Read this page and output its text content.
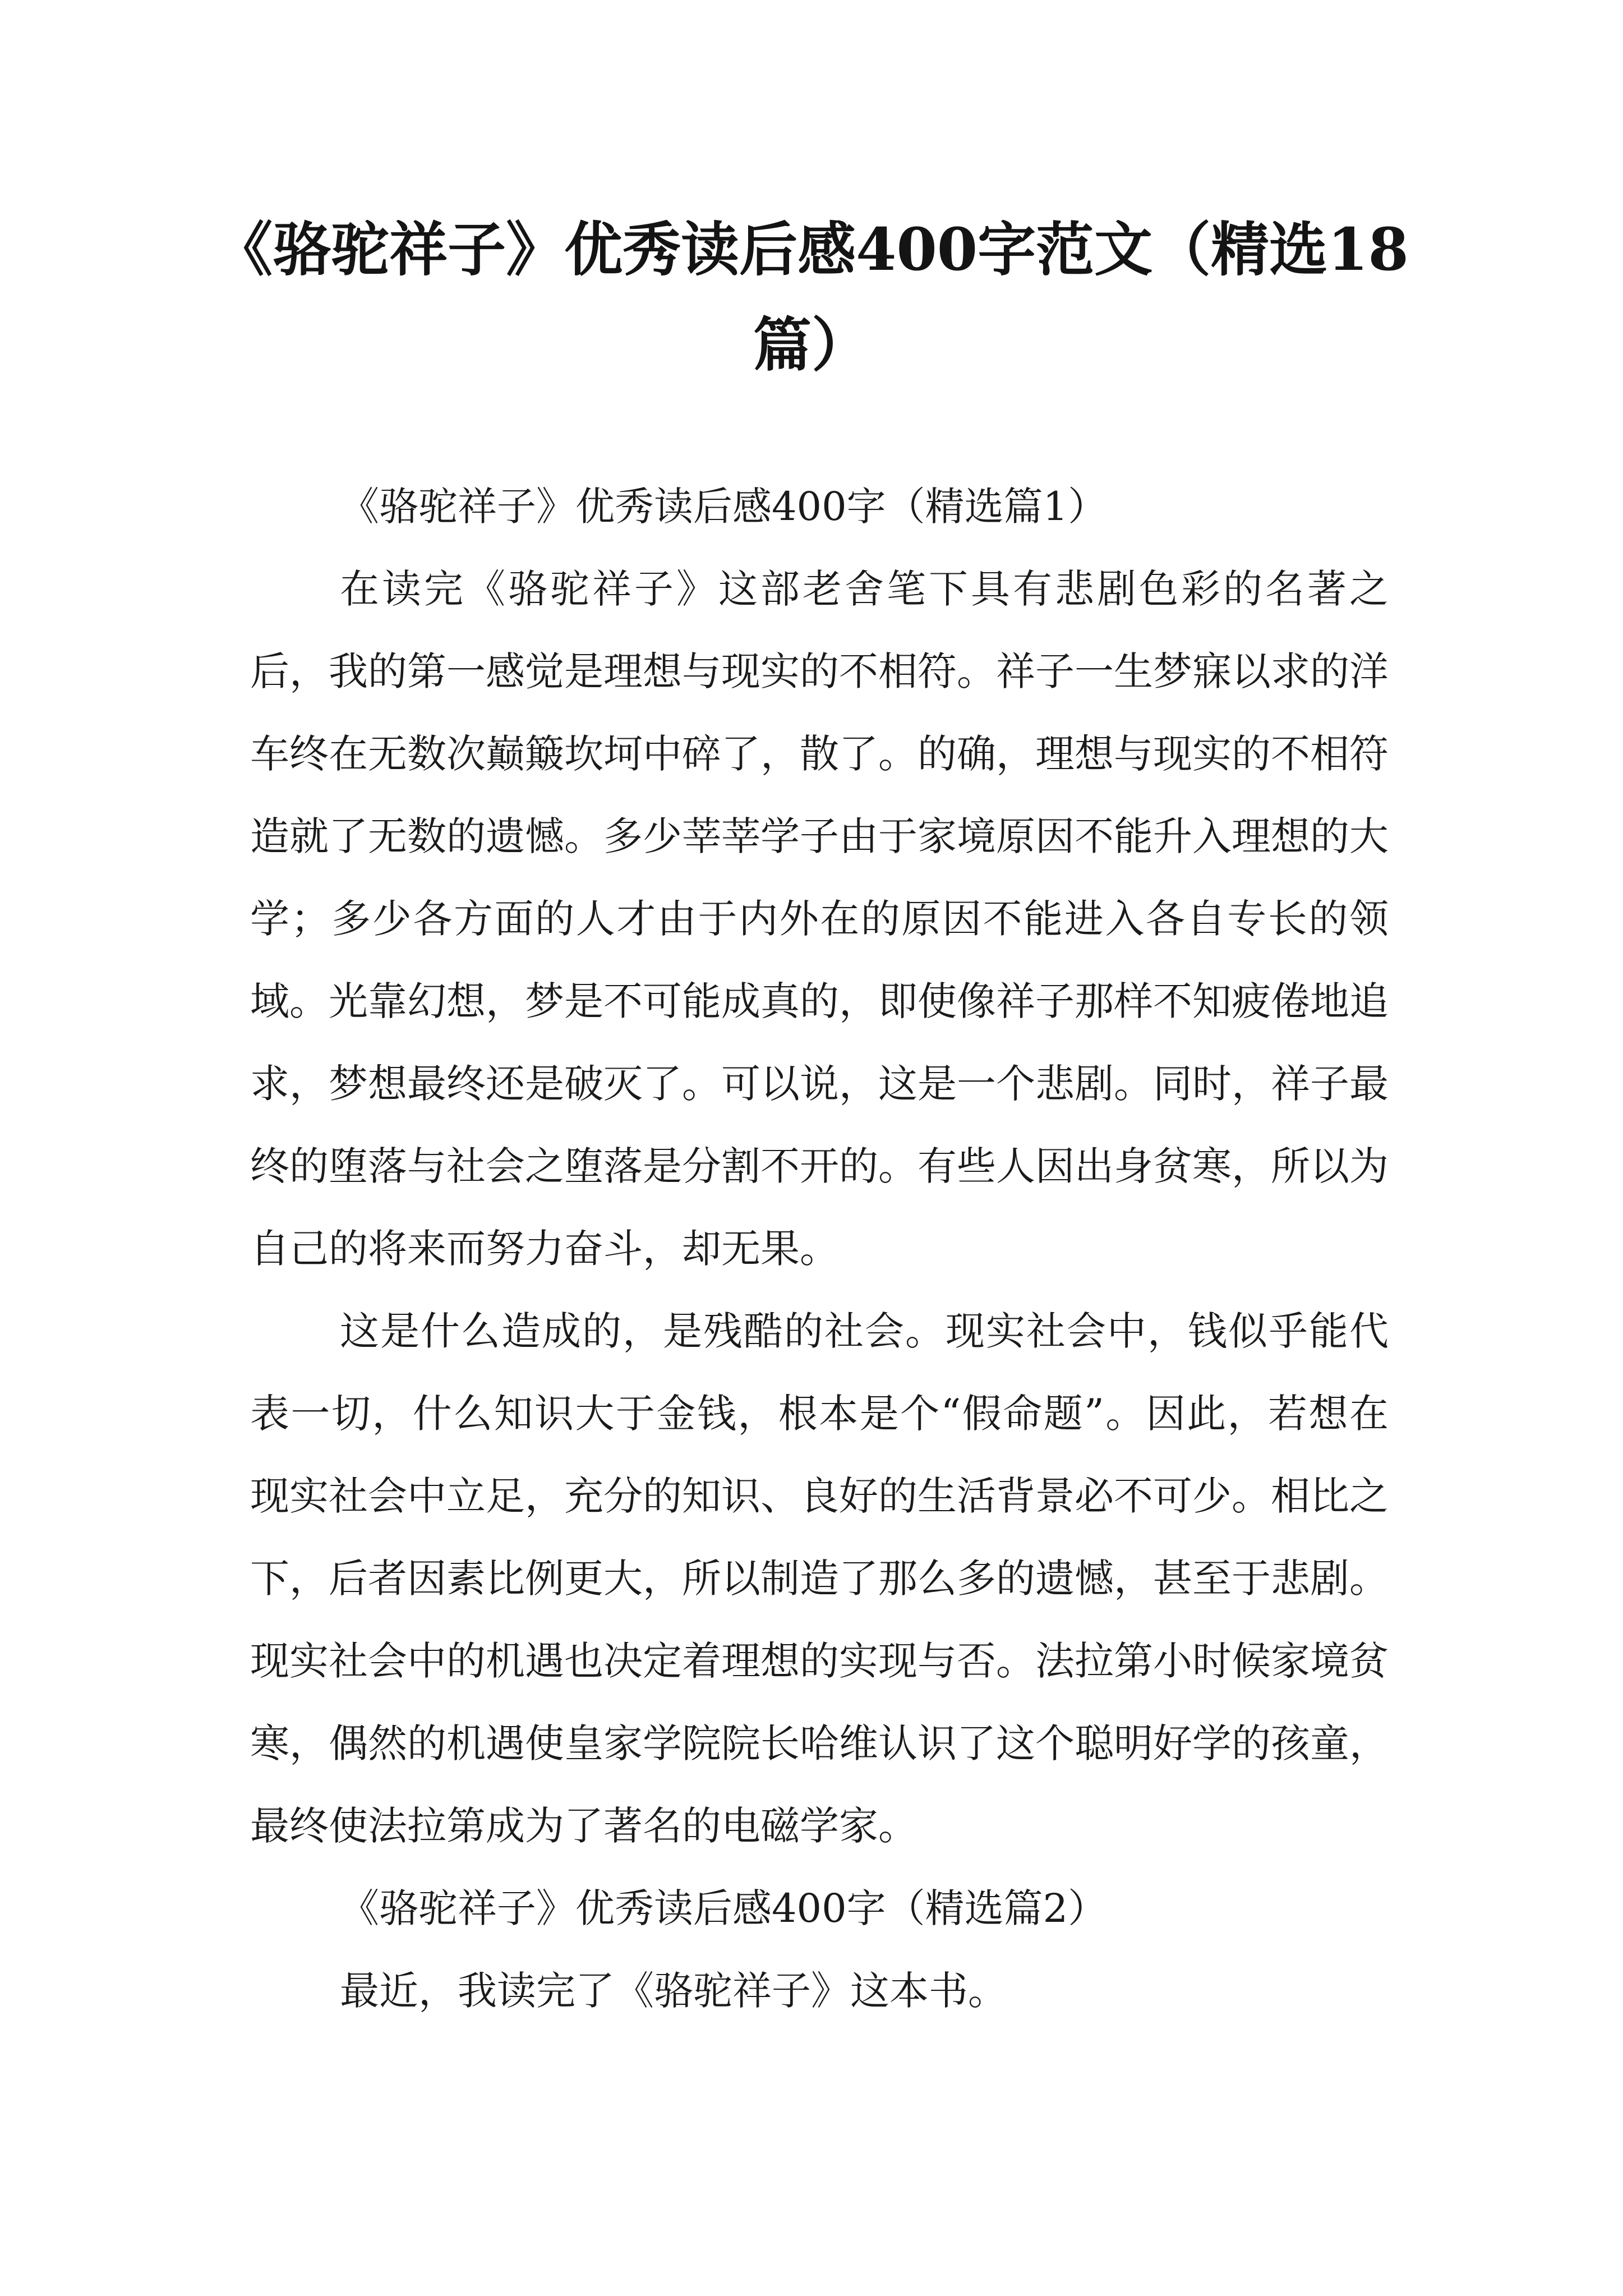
《骆驼祥子》优秀读后感400字范文（精选18篇）

《骆驼祥子》优秀读后感400字（精选篇1）

在读完《骆驼祥子》这部老舍笔下具有悲剧色彩的名著之后，我的第一感觉是理想与现实的不相符。祥子一生梦寐以求的洋车终在无数次巅簸坎坷中碎了，散了。的确，理想与现实的不相符造就了无数的遗憾。多少莘莘学子由于家境原因不能升入理想的大学；多少各方面的人才由于内外在的原因不能进入各自专长的领域。光靠幻想，梦是不可能成真的，即使像祥子那样不知疲倦地追求，梦想最终还是破灭了。可以说，这是一个悲剧。同时，祥子最终的堕落与社会之堕落是分割不开的。有些人因出身贫寒，所以为自己的将来而努力奋斗，却无果。

这是什么造成的，是残酷的社会。现实社会中，钱似乎能代表一切，什么知识大于金钱，根本是个“假命题”。因此，若想在现实社会中立足，充分的知识、良好的生活背景必不可少。相比之下，后者因素比例更大，所以制造了那么多的遗憾，甚至于悲剧。现实社会中的机遇也决定着理想的实现与否。法拉第小时候家境贫寒，偶然的机遇使皇家学院院长哈维认识了这个聪明好学的孩童，最终使法拉第成为了著名的电磁学家。

《骆驼祥子》优秀读后感400字（精选篇2）

最近，我读完了《骆驼祥子》这本书。
